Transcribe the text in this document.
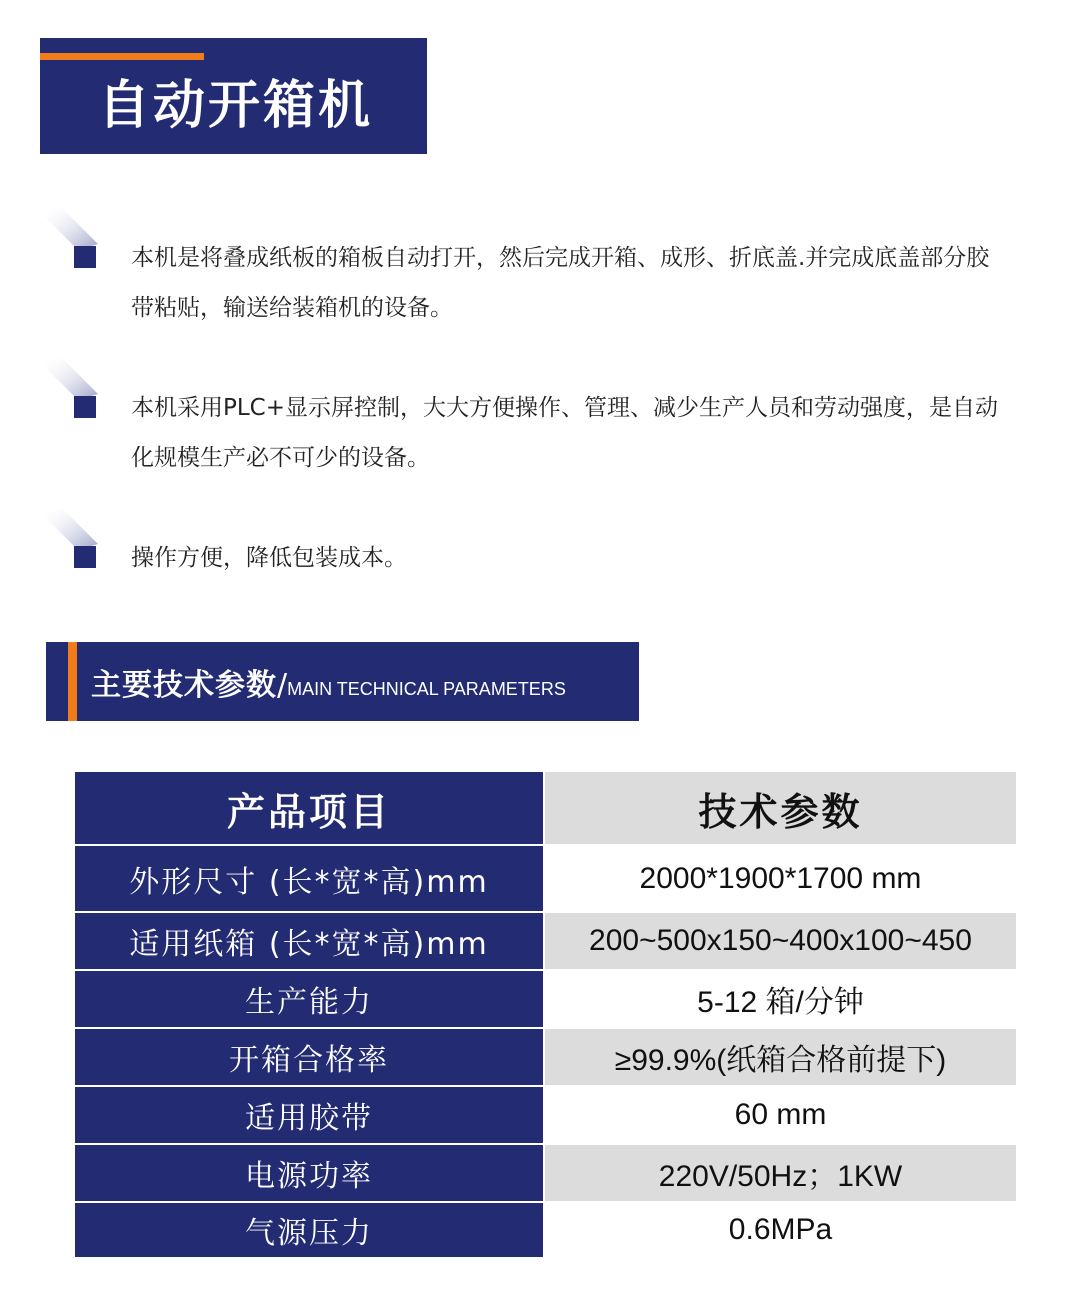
自动开箱机
本机是将叠成纸板的箱板自动打开，然后完成开箱、成形、折底盖.并完成底盖部分胶带粘贴，输送给装箱机的设备。
本机采用PLC+显示屏控制，大大方便操作、管理、减少生产人员和劳动强度，是自动化规模生产必不可少的设备。
操作方便，降低包装成本。
主要技术参数/MAIN TECHNICAL PARAMETERS
产品项目	技术参数
外形尺寸 (长*宽*高)mm	2000*1900*1700 mm
适用纸箱 (长*宽*高)mm	200~500x150~400x100~450
生产能力	5-12 箱/分钟
开箱合格率	≥99.9%(纸箱合格前提下)
适用胶带	60 mm
电源功率	220V/50Hz；1KW
气源压力	0.6MPa
